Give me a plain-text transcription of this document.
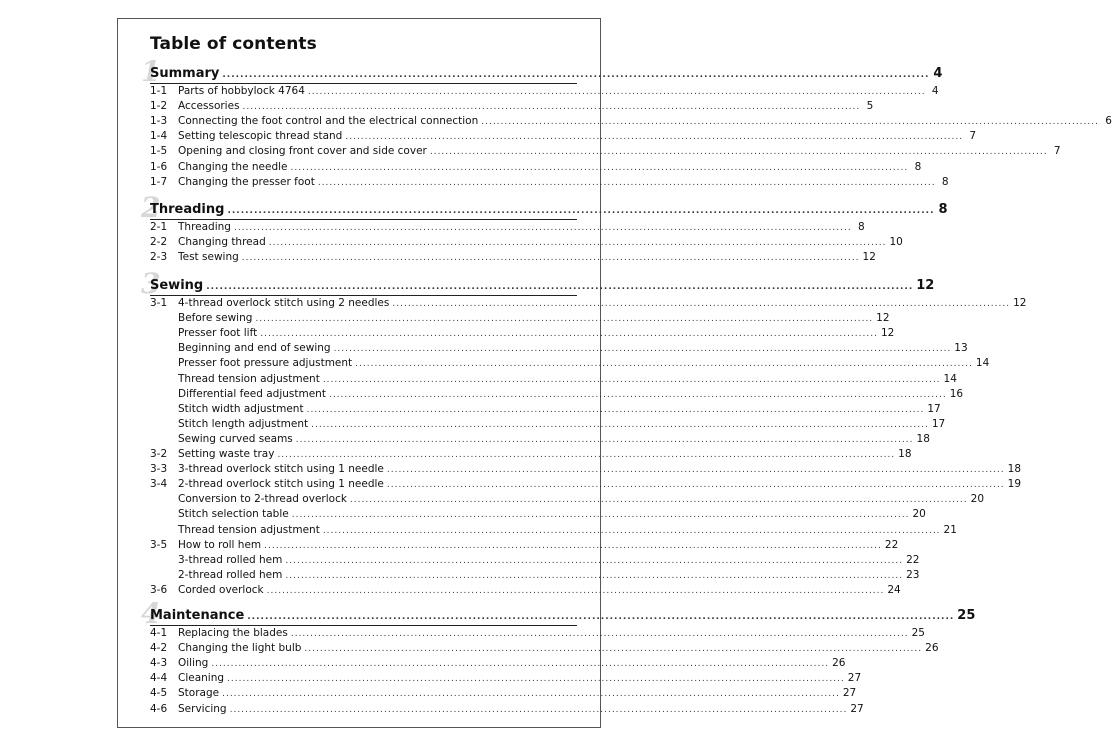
Table of contents
1
Summary ................................................................................................................................................................ 4
1-1	Parts of hobbylock 4764 ................................................................................................................................................................ 4
1-2	Accessories ................................................................................................................................................................ 5
1-3	Connecting the foot control and the electrical connection ................................................................................................................................................................ 6
1-4	Setting telescopic thread stand ................................................................................................................................................................ 7
1-5	Opening and closing front cover and side cover ................................................................................................................................................................ 7
1-6	Changing the needle ................................................................................................................................................................ 8
1-7	Changing the presser foot ................................................................................................................................................................ 8
2
Threading ................................................................................................................................................................ 8
2-1	Threading ................................................................................................................................................................ 8
2-2	Changing thread ................................................................................................................................................................ 10
2-3	Test sewing ................................................................................................................................................................ 12
3
Sewing ................................................................................................................................................................ 12
3-1	4-thread overlock stitch using 2 needles ................................................................................................................................................................ 12
Before sewing ................................................................................................................................................................ 12
Presser foot lift ................................................................................................................................................................ 12
Beginning and end of sewing ................................................................................................................................................................ 13
Presser foot pressure adjustment ................................................................................................................................................................ 14
Thread tension adjustment ................................................................................................................................................................ 14
Differential feed adjustment ................................................................................................................................................................ 16
Stitch width adjustment ................................................................................................................................................................ 17
Stitch length adjustment ................................................................................................................................................................ 17
Sewing curved seams ................................................................................................................................................................ 18
3-2	Setting waste tray ................................................................................................................................................................ 18
3-3	3-thread overlock stitch using 1 needle ................................................................................................................................................................ 18
3-4	2-thread overlock stitch using 1 needle ................................................................................................................................................................ 19
Conversion to 2-thread overlock ................................................................................................................................................................ 20
Stitch selection table ................................................................................................................................................................ 20
Thread tension adjustment ................................................................................................................................................................ 21
3-5	How to roll hem ................................................................................................................................................................ 22
3-thread rolled hem ................................................................................................................................................................ 22
2-thread rolled hem ................................................................................................................................................................ 23
3-6	Corded overlock ................................................................................................................................................................ 24
4
Maintenance ................................................................................................................................................................ 25
4-1	Replacing the blades ................................................................................................................................................................ 25
4-2	Changing the light bulb ................................................................................................................................................................ 26
4-3	Oiling ................................................................................................................................................................ 26
4-4	Cleaning ................................................................................................................................................................ 27
4-5	Storage ................................................................................................................................................................ 27
4-6	Servicing ................................................................................................................................................................ 27
